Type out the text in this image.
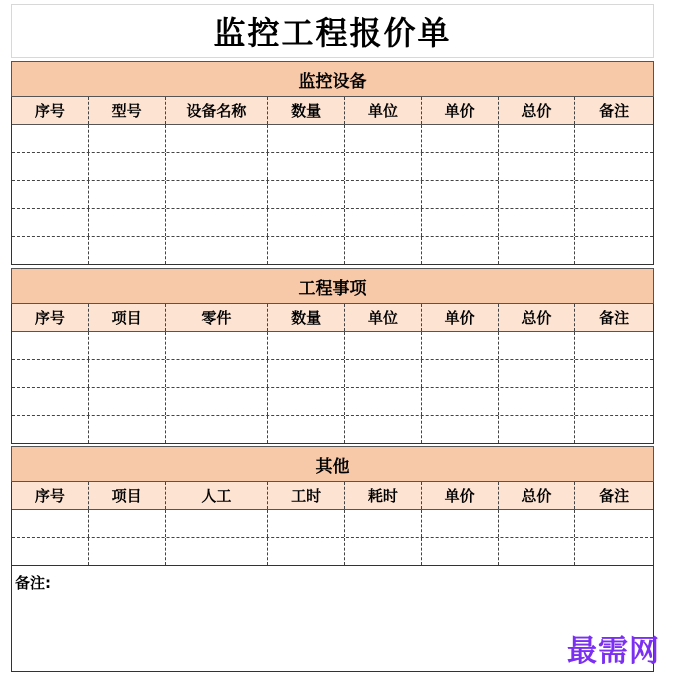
监控工程报价单
监控设备
序号	型号	设备名称	数量	单位	单价	总价	备注
工程事项
序号	项目	零件	数量	单位	单价	总价	备注
其他
序号	项目	人工	工时	耗时	单价	总价	备注
备注:
最需网
